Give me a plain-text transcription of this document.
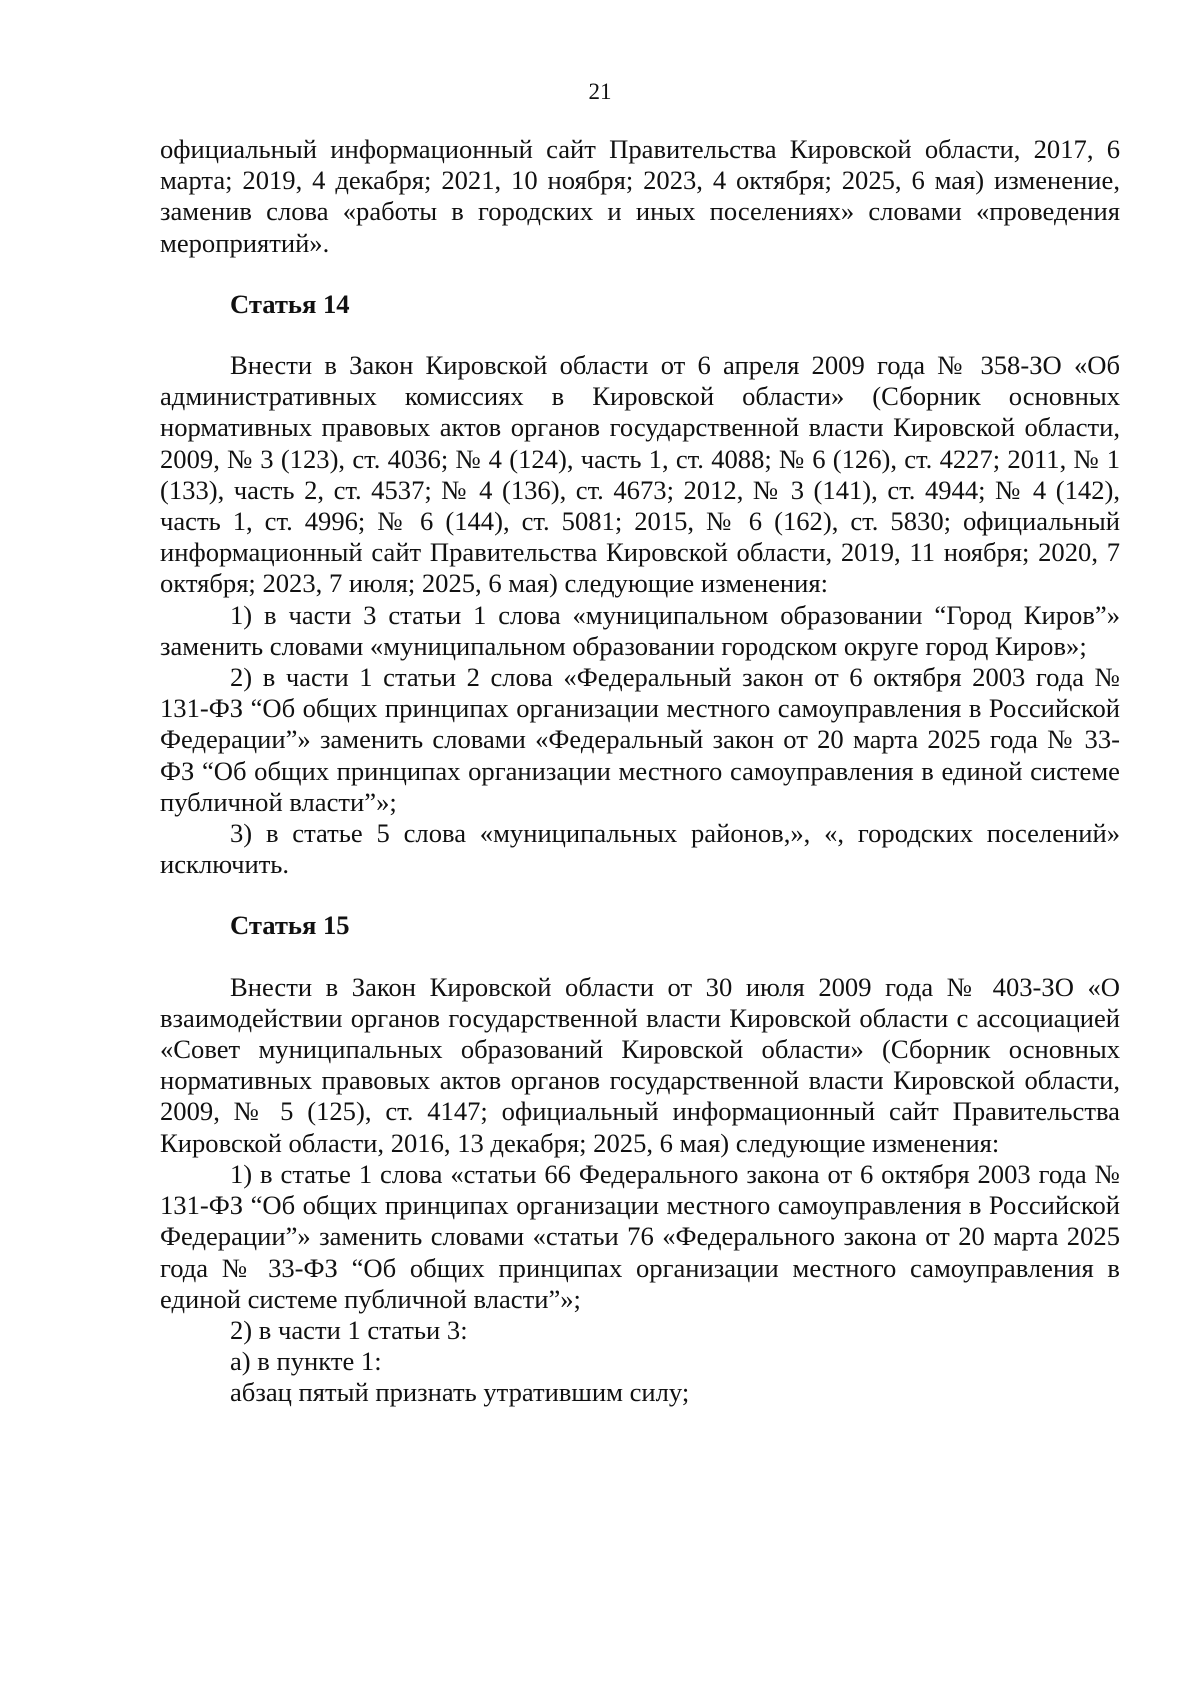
21

официальный информационный сайт Правительства Кировской области, 2017, 6 марта; 2019, 4 декабря; 2021, 10 ноября; 2023, 4 октября; 2025, 6 мая) изменение, заменив слова «работы в городских и иных поселениях» словами «проведения мероприятий».

Статья 14

Внести в Закон Кировской области от 6 апреля 2009 года № 358-ЗО «Об административных комиссиях в Кировской области» (Сборник основных нормативных правовых актов органов государственной власти Кировской области, 2009, № 3 (123), ст. 4036; № 4 (124), часть 1, ст. 4088; № 6 (126), ст. 4227; 2011, № 1 (133), часть 2, ст. 4537; № 4 (136), ст. 4673; 2012, № 3 (141), ст. 4944; № 4 (142), часть 1, ст. 4996; № 6 (144), ст. 5081; 2015, № 6 (162), ст. 5830; официальный информационный сайт Правительства Кировской области, 2019, 11 ноября; 2020, 7 октября; 2023, 7 июля; 2025, 6 мая) следующие изменения:

1) в части 3 статьи 1 слова «муниципальном образовании “Город Киров”» заменить словами «муниципальном образовании городском округе город Киров»;

2) в части 1 статьи 2 слова «Федеральный закон от 6 октября 2003 года № 131-ФЗ “Об общих принципах организации местного самоуправления в Российской Федерации”» заменить словами «Федеральный закон от 20 марта 2025 года № 33-ФЗ “Об общих принципах организации местного самоуправления в единой системе публичной власти”»;

3) в статье 5 слова «муниципальных районов,», «, городских поселений» исключить.

Статья 15

Внести в Закон Кировской области от 30 июля 2009 года № 403-ЗО «О взаимодействии органов государственной власти Кировской области с ассоциацией «Совет муниципальных образований Кировской области» (Сборник основных нормативных правовых актов органов государственной власти Кировской области, 2009, № 5 (125), ст. 4147; официальный информационный сайт Правительства Кировской области, 2016, 13 декабря; 2025, 6 мая) следующие изменения:

1) в статье 1 слова «статьи 66 Федерального закона от 6 октября 2003 года № 131-ФЗ “Об общих принципах организации местного самоуправления в Российской Федерации”» заменить словами «статьи 76 «Федерального закона от 20 марта 2025 года № 33-ФЗ “Об общих принципах организации местного самоуправления в единой системе публичной власти”»;

2) в части 1 статьи 3:

а) в пункте 1:

абзац пятый признать утратившим силу;
